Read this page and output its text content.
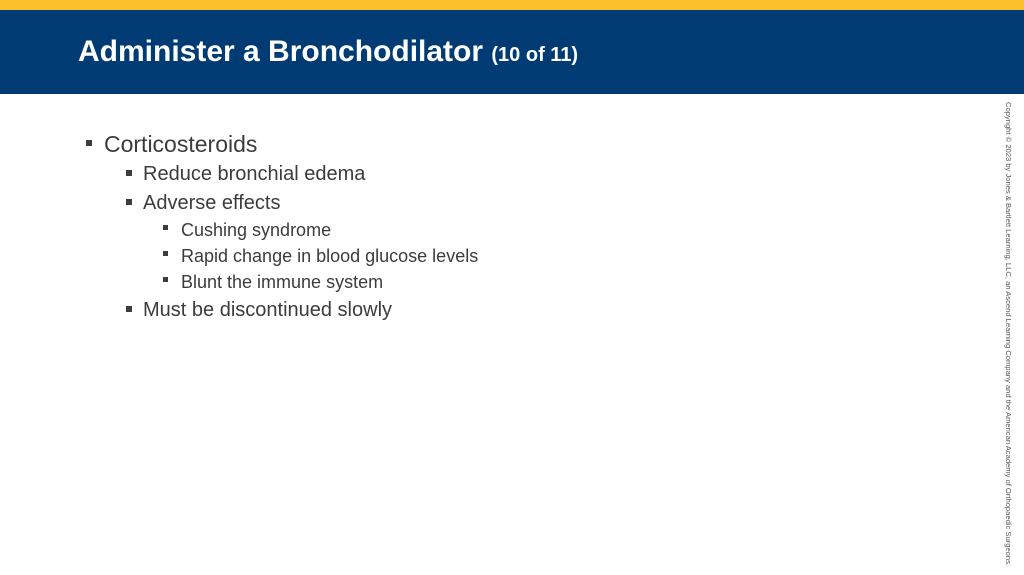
Administer a Bronchodilator (10 of 11)
Corticosteroids
Reduce bronchial edema
Adverse effects
Cushing syndrome
Rapid change in blood glucose levels
Blunt the immune system
Must be discontinued slowly	Copyright © 2023 by Jones & Bartlett Learning, LLC, an Ascend Learning Company and the American Academy of Orthopaedic Surgeons.
